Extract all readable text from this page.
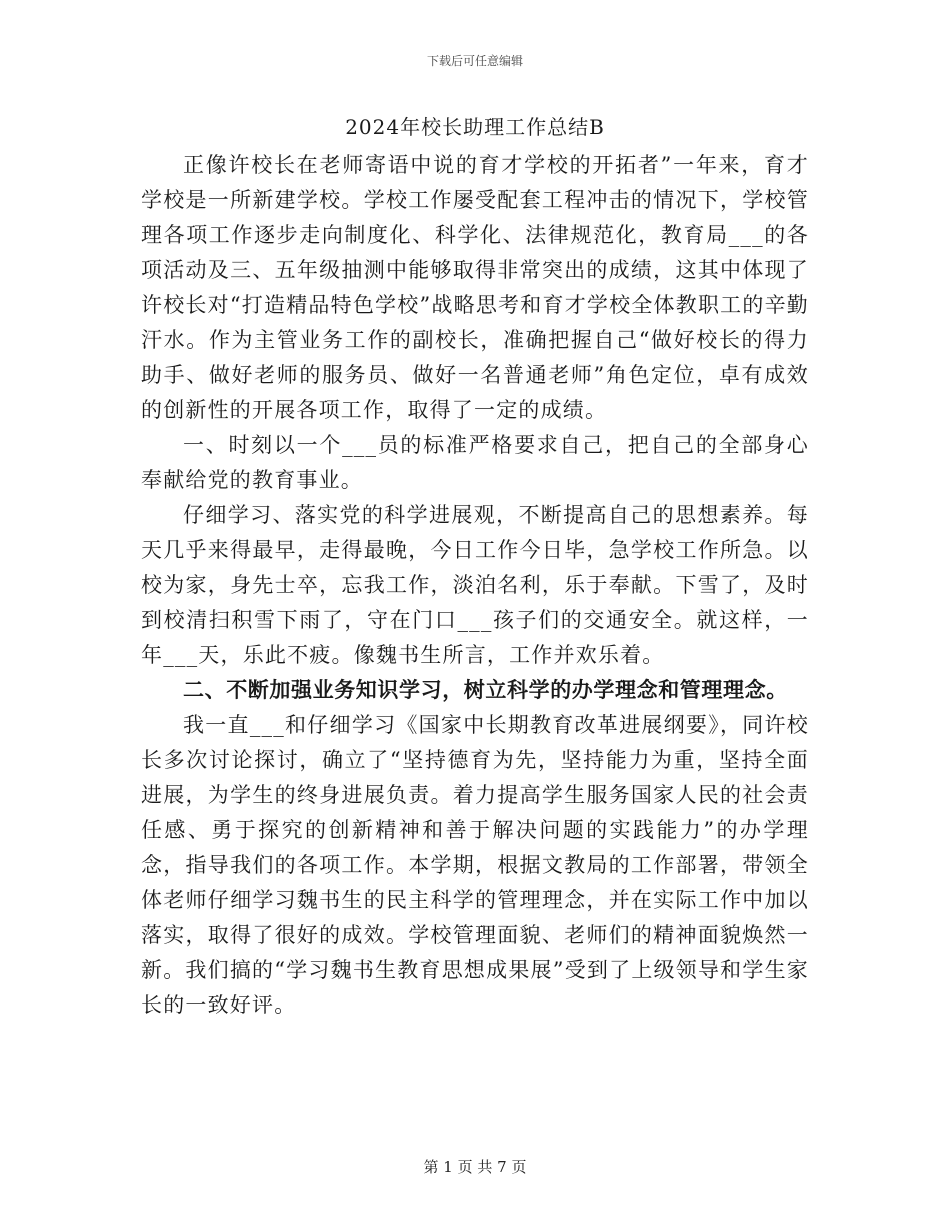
下载后可任意编辑
2024年校长助理工作总结B

正像许校长在老师寄语中说的育才学校的开拓者”一年来，育才学校是一所新建学校。学校工作屡受配套工程冲击的情况下，学校管理各项工作逐步走向制度化、科学化、法律规范化，教育局___的各项活动及三、五年级抽测中能够取得非常突出的成绩，这其中体现了许校长对“打造精品特色学校”战略思考和育才学校全体教职工的辛勤汗水。作为主管业务工作的副校长，准确把握自己“做好校长的得力助手、做好老师的服务员、做好一名普通老师”角色定位，卓有成效的创新性的开展各项工作，取得了一定的成绩。

一、时刻以一个___员的标准严格要求自己，把自己的全部身心奉献给党的教育事业。

仔细学习、落实党的科学进展观，不断提高自己的思想素养。每天几乎来得最早，走得最晚，今日工作今日毕，急学校工作所急。以校为家，身先士卒，忘我工作，淡泊名利，乐于奉献。下雪了，及时到校清扫积雪下雨了，守在门口___孩子们的交通安全。就这样，一年___天，乐此不疲。像魏书生所言，工作并欢乐着。

二、不断加强业务知识学习，树立科学的办学理念和管理理念。

我一直___和仔细学习《国家中长期教育改革进展纲要》，同许校长多次讨论探讨，确立了“坚持德育为先，坚持能力为重，坚持全面进展，为学生的终身进展负责。着力提高学生服务国家人民的社会责任感、勇于探究的创新精神和善于解决问题的实践能力”的办学理念，指导我们的各项工作。本学期，根据文教局的工作部署，带领全体老师仔细学习魏书生的民主科学的管理理念，并在实际工作中加以落实，取得了很好的成效。学校管理面貌、老师们的精神面貌焕然一新。我们搞的“学习魏书生教育思想成果展”受到了上级领导和学生家长的一致好评。

第 1 页 共 7 页
